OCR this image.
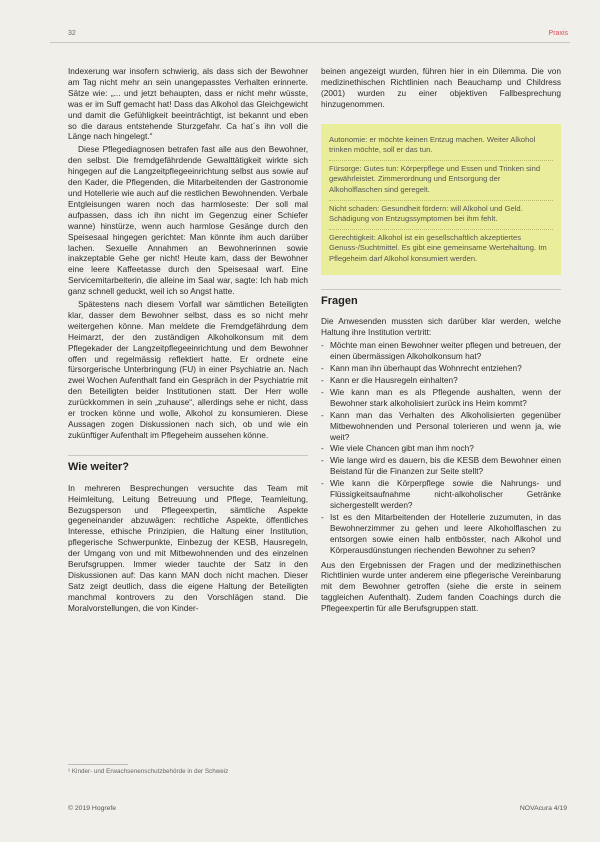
32	Praxis

Indexerung war insofern schwierig, als dass sich der Bewohner am Tag nicht mehr an sein unangepasstes Verhalten erinnerte. Sätze wie: „... und jetzt behaupten, dass er nicht mehr wüsste, was er im Suff gemacht hat! Dass das Alkohol das Gleichgewicht und damit die Gefühligkeit beeinträchtigt, ist bekannt und eben so die daraus entstehende Sturzgefahr. Ca hat´s ihn voll die Länge nach hingelegt.“

Diese Pflegediagnosen betrafen fast alle aus den Bewohner, den selbst. Die fremdgefährdende Gewalttätigkeit wirkte sich hingegen auf die Langzeitpflegeeinrichtung selbst aus sowie auf den Kader, die Pflegenden, die Mitarbeitenden der Gastronomie und Hotellerie wie auch auf die restlichen Bewohnenden. Verbale Entgleisungen waren noch das harmloseste: Der soll mal aufpassen, dass ich ihn nicht im Gegenzug einer Schiefer wanne) hinstürze, wenn auch harmlose Gesänge durch den Speisesaal hingegen gerichtet: Man könnte ihm auch darüber lachen. Sexuelle Annahmen an Bewohnerinnen sowie inakzeptable Gehe ger nicht! Heute kam, dass der Bewohner eine leere Kaffeetasse durch den Speisesaal warf. Eine Servicemitarbeiterin, die alleine im Saal war, sagte: Ich hab mich ganz schnell geduckt, weil ich so Angst hatte.

Spätestens nach diesem Vorfall war sämtlichen Beteiligten klar, dasser dem Bewohner selbst, dass es so nicht mehr weitergehen könne. Man meldete die Fremdgefährdung dem Heimarzt, der den zuständigen Alkoholkonsum mit dem Pflegekader der Langzeitpflegeeinrichtung und dem Bewohner offen und regelmässig reflektiert hatte. Er ordnete eine fürsorgerische Unterbringung (FU) in einer Psychiatrie an. Nach zwei Wochen Aufenthalt fand ein Gespräch in der Psychiatrie mit den Beteiligten beider Institutionen statt. Der Herr wolle zurückkommen in sein „zuhause“, allerdings sehe er nicht, dass er trocken könne und wolle, Alkohol zu konsumieren. Diese Aussagen zogen Diskussionen nach sich, ob und wie ein zukünftiger Aufenthalt im Pflegeheim aussehen könne.

Wie weiter?

In mehreren Besprechungen versuchte das Team mit Heimleitung, Leitung Betreuung und Pflege, Teamleitung, Bezugsperson und Pflegeexpertin, sämtliche Aspekte gegeneinander abzuwägen: rechtliche Aspekte, öffentliches Interesse, ethische Prinzipien, die Haltung einer Institution, pflegerische Schwerpunkte, Einbezug der KESB, Hausregeln, der Umgang von und mit Mitbewohnenden und des einzelnen Berufsgruppen. Immer wieder tauchte der Satz in den Diskussionen auf: Das kann MAN doch nicht machen. Dieser Satz zeigt deutlich, dass die eigene Haltung der Beteiligten manchmal kontrovers zu den Vorschlägen stand. Die Moralvorstellungen, die von Kinder-

beinen angezeigt wurden, führen hier in ein Dilemma. Die von medizinethischen Richtlinien nach Beauchamp und Childress (2001) wurden zu einer objektiven Fallbesprechung hinzugenommen.

Autonomie: er möchte keinen Entzug machen. Weiter Alkohol trinken möchte, soll er das tun.

Fürsorge: Gutes tun: Körperpflege und Essen und Trinken sind gewährleistet. Zimmerordnung und Entsorgung der Alkoholflaschen sind geregelt.

Nicht schaden: Gesundheit fördern: will Alkohol und Geld. Schädigung von Entzugssymptomen bei ihm fehlt.

Gerechtigkeit: Alkohol ist ein gesellschaftlich akzeptiertes Genuss-/Suchtmittel. Es gibt eine gemeinsame Wertehaltung. Im Pflegeheim darf Alkohol konsumiert werden.

Fragen

Die Anwesenden mussten sich darüber klar werden, welche Haltung ihre Institution vertritt:

- Möchte man einen Bewohner weiter pflegen und betreuen, der einen übermässigen Alkoholkonsum hat?
- Kann man ihn überhaupt das Wohnrecht entziehen?
- Kann er die Hausregeln einhalten?
- Wie kann man es als Pflegende aushalten, wenn der Bewohner stark alkoholisiert zurück ins Heim kommt?
- Kann man das Verhalten des Alkoholisierten gegenüber Mitbewohnenden und Personal tolerieren und wenn ja, wie weit?
- Wie viele Chancen gibt man ihm noch?
- Wie lange wird es dauern, bis die KESB dem Bewohner einen Beistand für die Finanzen zur Seite stellt?
- Wie kann die Körperpflege sowie die Nahrungs- und Flüssigkeitsaufnahme nicht-alkoholischer Getränke sichergestellt werden?
- Ist es den Mitarbeitenden der Hotellerie zuzumuten, in das Bewohnerzimmer zu gehen und leere Alkoholflaschen zu entsorgen sowie einen halb entbösster, nach Alkohol und Körperausdünstungen riechenden Bewohner zu sehen?

Aus den Ergebnissen der Fragen und der medizinethischen Richtlinien wurde unter anderem eine pflegerische Vereinbarung mit dem Bewohner getroffen (siehe die erste in seinem taggleichen Aufenthalt). Zudem fanden Coachings durch die Pflegeexpertin für alle Berufsgruppen statt.

¹ Kinder- und Erwachsenenschutzbehörde in der Schweiz
© 2019 Hogrefe	NOVAcura 4/19
